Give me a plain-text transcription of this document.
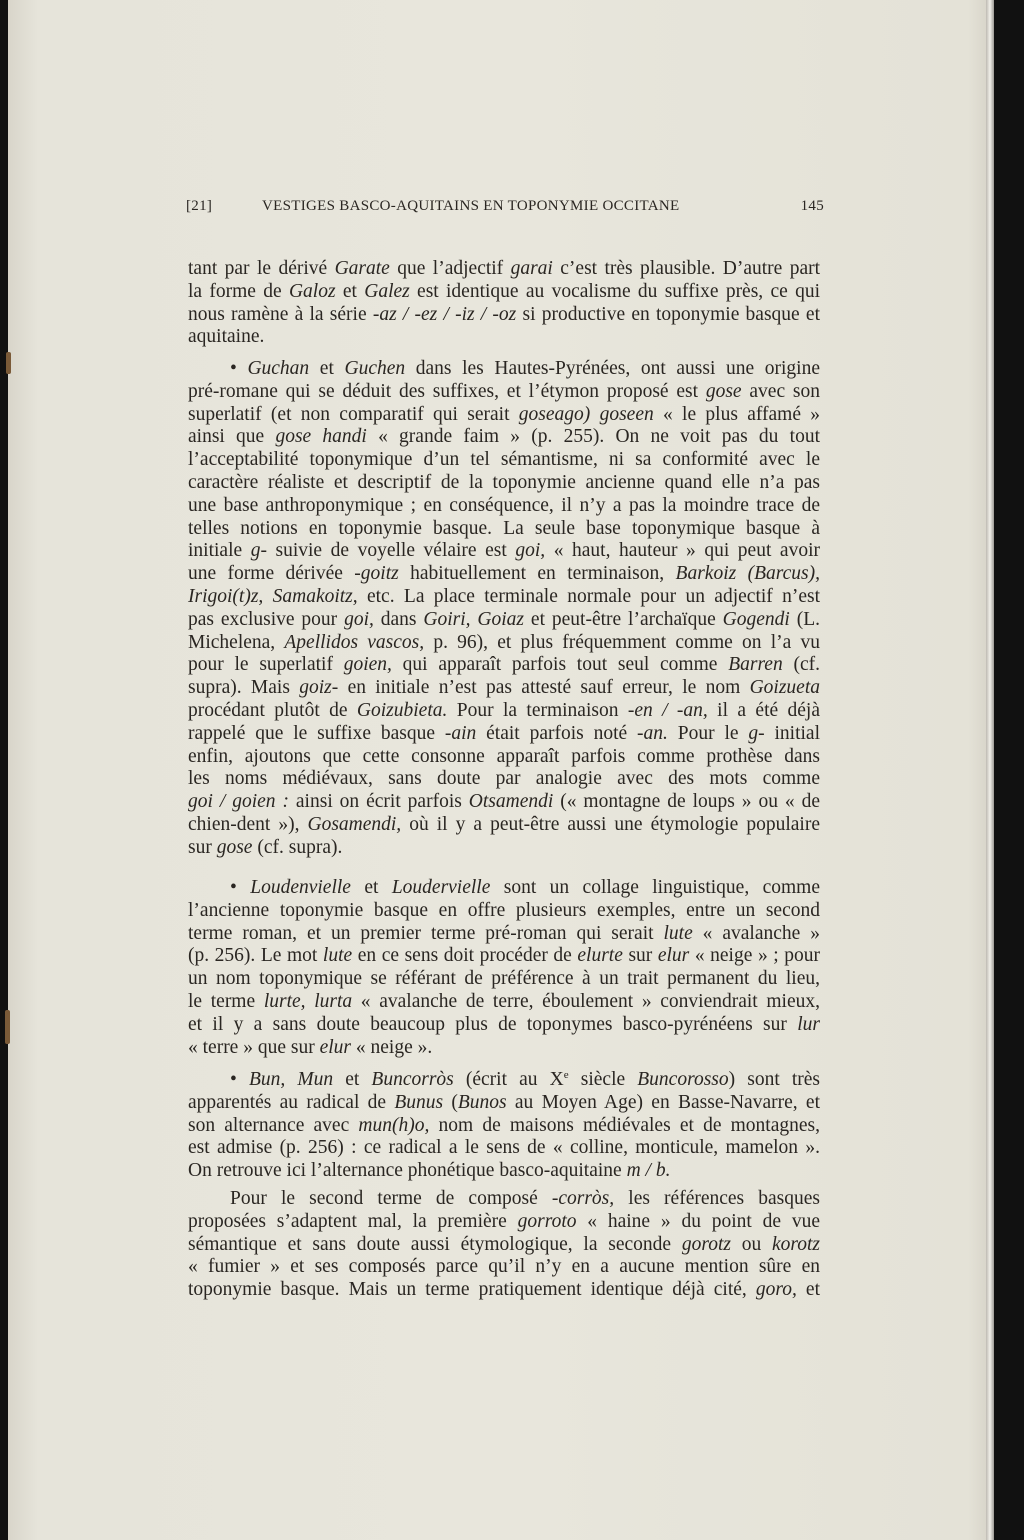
[21]	VESTIGES BASCO-AQUITAINS EN TOPONYMIE OCCITANE	145
tant par le dérivé Garate que l’adjectif garai c’est très plausible. D’autre part
la forme de Galoz et Galez est identique au vocalisme du suffixe près, ce qui
nous ramène à la série -az / -ez / -iz / -oz si productive en toponymie basque et
aquitaine.
• Guchan et Guchen dans les Hautes-Pyrénées, ont aussi une origine
pré-romane qui se déduit des suffixes, et l’étymon proposé est gose avec son
superlatif (et non comparatif qui serait goseago) goseen « le plus affamé »
ainsi que gose handi « grande faim » (p. 255). On ne voit pas du tout
l’acceptabilité toponymique d’un tel sémantisme, ni sa conformité avec le
caractère réaliste et descriptif de la toponymie ancienne quand elle n’a pas
une base anthroponymique ; en conséquence, il n’y a pas la moindre trace de
telles notions en toponymie basque. La seule base toponymique basque à
initiale g- suivie de voyelle vélaire est goi, « haut, hauteur » qui peut avoir
une forme dérivée -goitz habituellement en terminaison, Barkoiz (Barcus),
Irigoi(t)z, Samakoitz, etc. La place terminale normale pour un adjectif n’est
pas exclusive pour goi, dans Goiri, Goiaz et peut-être l’archaïque Gogendi (L.
Michelena, Apellidos vascos, p. 96), et plus fréquemment comme on l’a vu
pour le superlatif goien, qui apparaît parfois tout seul comme Barren (cf.
supra). Mais goiz- en initiale n’est pas attesté sauf erreur, le nom Goizueta
procédant plutôt de Goizubieta. Pour la terminaison -en / -an, il a été déjà
rappelé que le suffixe basque -ain était parfois noté -an. Pour le g- initial
enfin, ajoutons que cette consonne apparaît parfois comme prothèse dans
les noms médiévaux, sans doute par analogie avec des mots comme
goi / goien : ainsi on écrit parfois Otsamendi (« montagne de loups » ou « de
chien-dent »), Gosamendi, où il y a peut-être aussi une étymologie populaire
sur gose (cf. supra).
• Loudenvielle et Loudervielle sont un collage linguistique, comme
l’ancienne toponymie basque en offre plusieurs exemples, entre un second
terme roman, et un premier terme pré-roman qui serait lute « avalanche »
(p. 256). Le mot lute en ce sens doit procéder de elurte sur elur « neige » ; pour
un nom toponymique se référant de préférence à un trait permanent du lieu,
le terme lurte, lurta « avalanche de terre, éboulement » conviendrait mieux,
et il y a sans doute beaucoup plus de toponymes basco-pyrénéens sur lur
« terre » que sur elur « neige ».
• Bun, Mun et Buncorròs (écrit au Xe siècle Buncorosso) sont très
apparentés au radical de Bunus (Bunos au Moyen Age) en Basse-Navarre, et
son alternance avec mun(h)o, nom de maisons médiévales et de montagnes,
est admise (p. 256) : ce radical a le sens de « colline, monticule, mamelon ».
On retrouve ici l’alternance phonétique basco-aquitaine m / b.
Pour le second terme de composé -corròs, les références basques
proposées s’adaptent mal, la première gorroto « haine » du point de vue
sémantique et sans doute aussi étymologique, la seconde gorotz ou korotz
« fumier » et ses composés parce qu’il n’y en a aucune mention sûre en
toponymie basque. Mais un terme pratiquement identique déjà cité, goro, et
